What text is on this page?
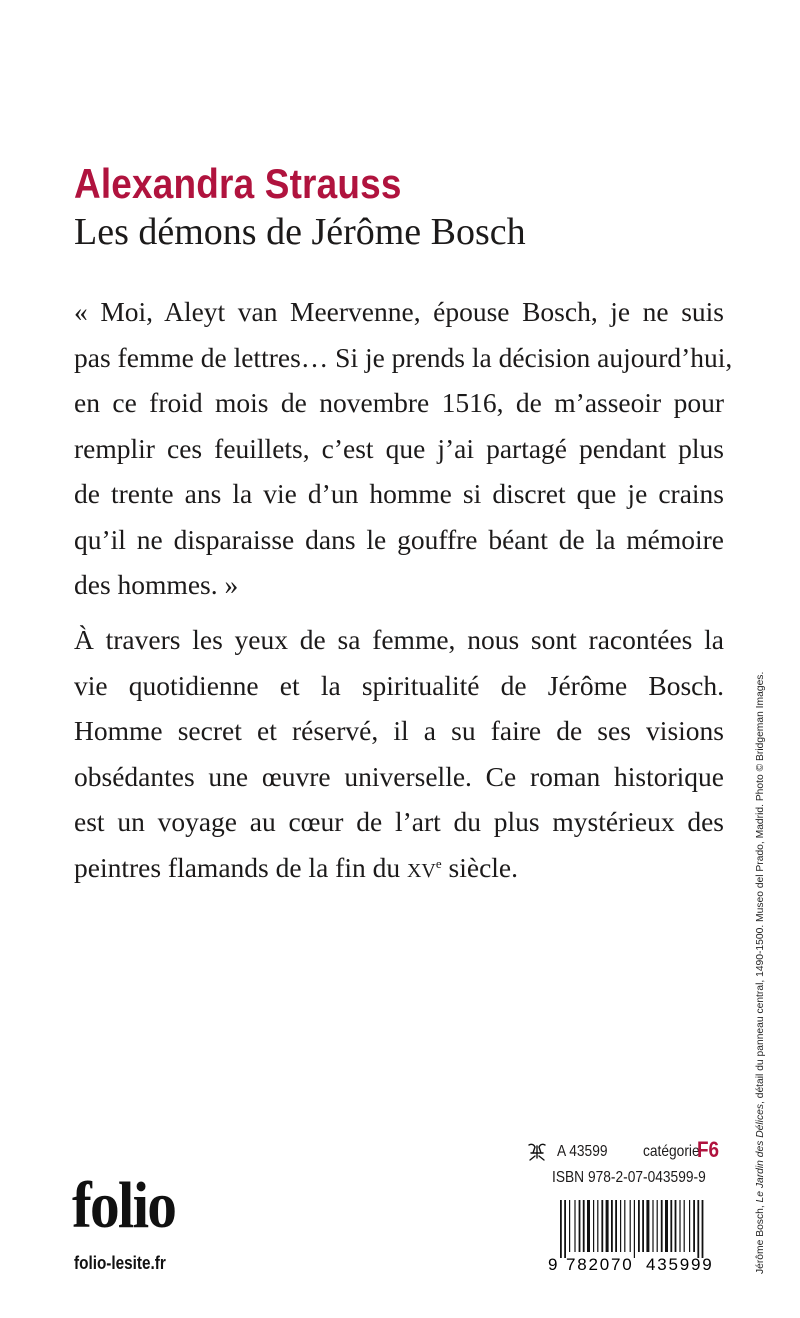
Alexandra Strauss
Les démons de Jérôme Bosch
« Moi, Aleyt van Meervenne, épouse Bosch, je ne suis
pas femme de lettres… Si je prends la décision aujourd’hui,
en ce froid mois de novembre 1516, de m’asseoir pour
remplir ces feuillets, c’est que j’ai partagé pendant plus
de trente ans la vie d’un homme si discret que je crains
qu’il ne disparaisse dans le gouffre béant de la mémoire
des hommes. »
À travers les yeux de sa femme, nous sont racontées la
vie quotidienne et la spiritualité de Jérôme Bosch.
Homme secret et réservé, il a su faire de ses visions
obsédantes une œuvre universelle. Ce roman historique
est un voyage au cœur de l’art du plus mystérieux des
peintres flamands de la fin du XVe siècle.
Jérôme Bosch, Le Jardin des Délices, détail du panneau central, 1490-1500. Museo del Prado, Madrid. Photo © Bridgeman Images.
folio
folio-lesite.fr
A 43599 catégorie
F6
ISBN 978-2-07-043599-9
9 782070 435999
